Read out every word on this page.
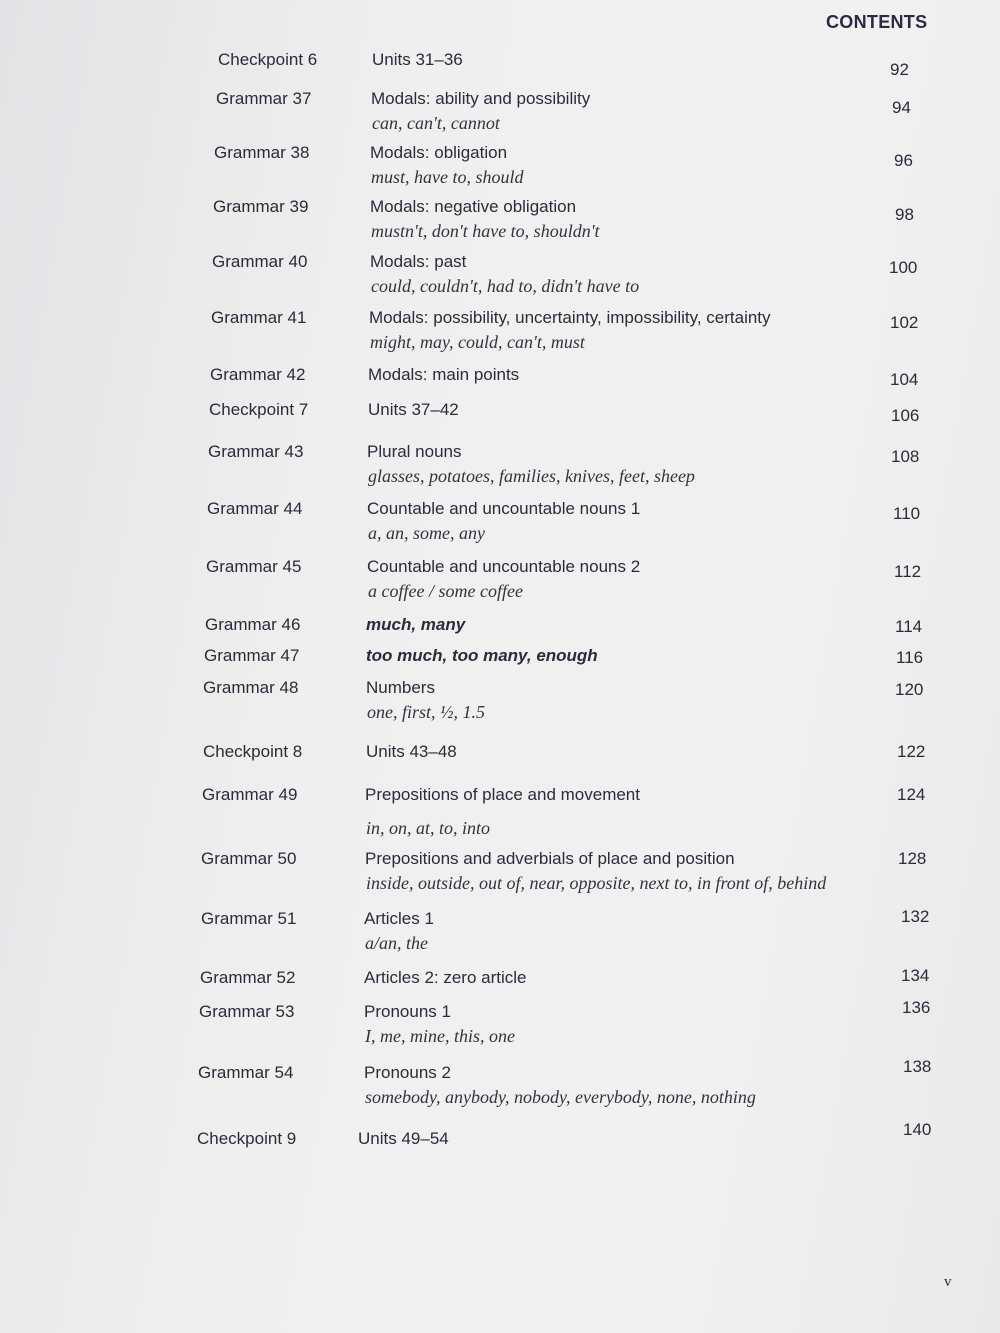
CONTENTS
Checkpoint 6	Units 31–36
92
Grammar 37	Modals: ability and possibility
can, can't, cannot
94
Grammar 38	Modals: obligation
must, have to, should
96
Grammar 39	Modals: negative obligation
mustn't, don't have to, shouldn't
98
Grammar 40	Modals: past
could, couldn't, had to, didn't have to
100
Grammar 41	Modals: possibility, uncertainty, impossibility, certainty
might, may, could, can't, must
102
Grammar 42	Modals: main points	104
Checkpoint 7	Units 37–42	106
Grammar 43	Plural nouns
glasses, potatoes, families, knives, feet, sheep
108
Grammar 44	Countable and uncountable nouns 1
a, an, some, any
110
Grammar 45	Countable and uncountable nouns 2
a coffee / some coffee
112
Grammar 46	much, many	114
Grammar 47	too much, too many, enough	116
Grammar 48	Numbers
one, first, ½, 1.5
120
Checkpoint 8	Units 43–48	122
Grammar 49	Prepositions of place and movement
in, on, at, to, into
124
Grammar 50	Prepositions and adverbials of place and position
inside, outside, out of, near, opposite, next to, in front of, behind
128
Grammar 51	Articles 1
a/an, the
132
Grammar 52	Articles 2: zero article	134
Grammar 53	Pronouns 1
I, me, mine, this, one
136
Grammar 54	Pronouns 2
somebody, anybody, nobody, everybody, none, nothing
138
Checkpoint 9	Units 49–54	140
v
